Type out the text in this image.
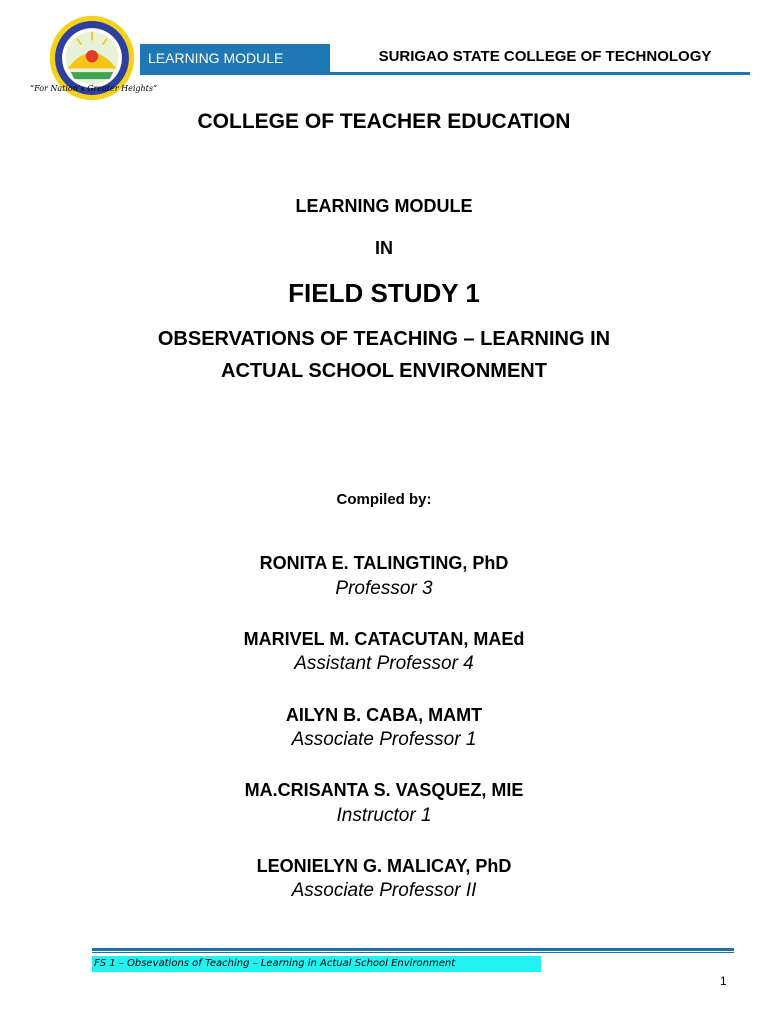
“For Nation’s Greater Heights”
LEARNING MODULE	SURIGAO STATE COLLEGE OF TECHNOLOGY
COLLEGE OF TEACHER EDUCATION
LEARNING MODULE
IN
FIELD STUDY 1
OBSERVATIONS OF TEACHING – LEARNING IN
ACTUAL SCHOOL ENVIRONMENT
Compiled by:
RONITA E. TALINGTING, PhD
Professor 3
MARIVEL M. CATACUTAN, MAEd
Assistant Professor 4
AILYN B. CABA, MAMT
Associate Professor 1
MA.CRISANTA S. VASQUEZ, MIE
Instructor 1
LEONIELYN G. MALICAY, PhD
Associate Professor II
FS 1 – Obsevations of Teaching – Learning in Actual School Environment
1
